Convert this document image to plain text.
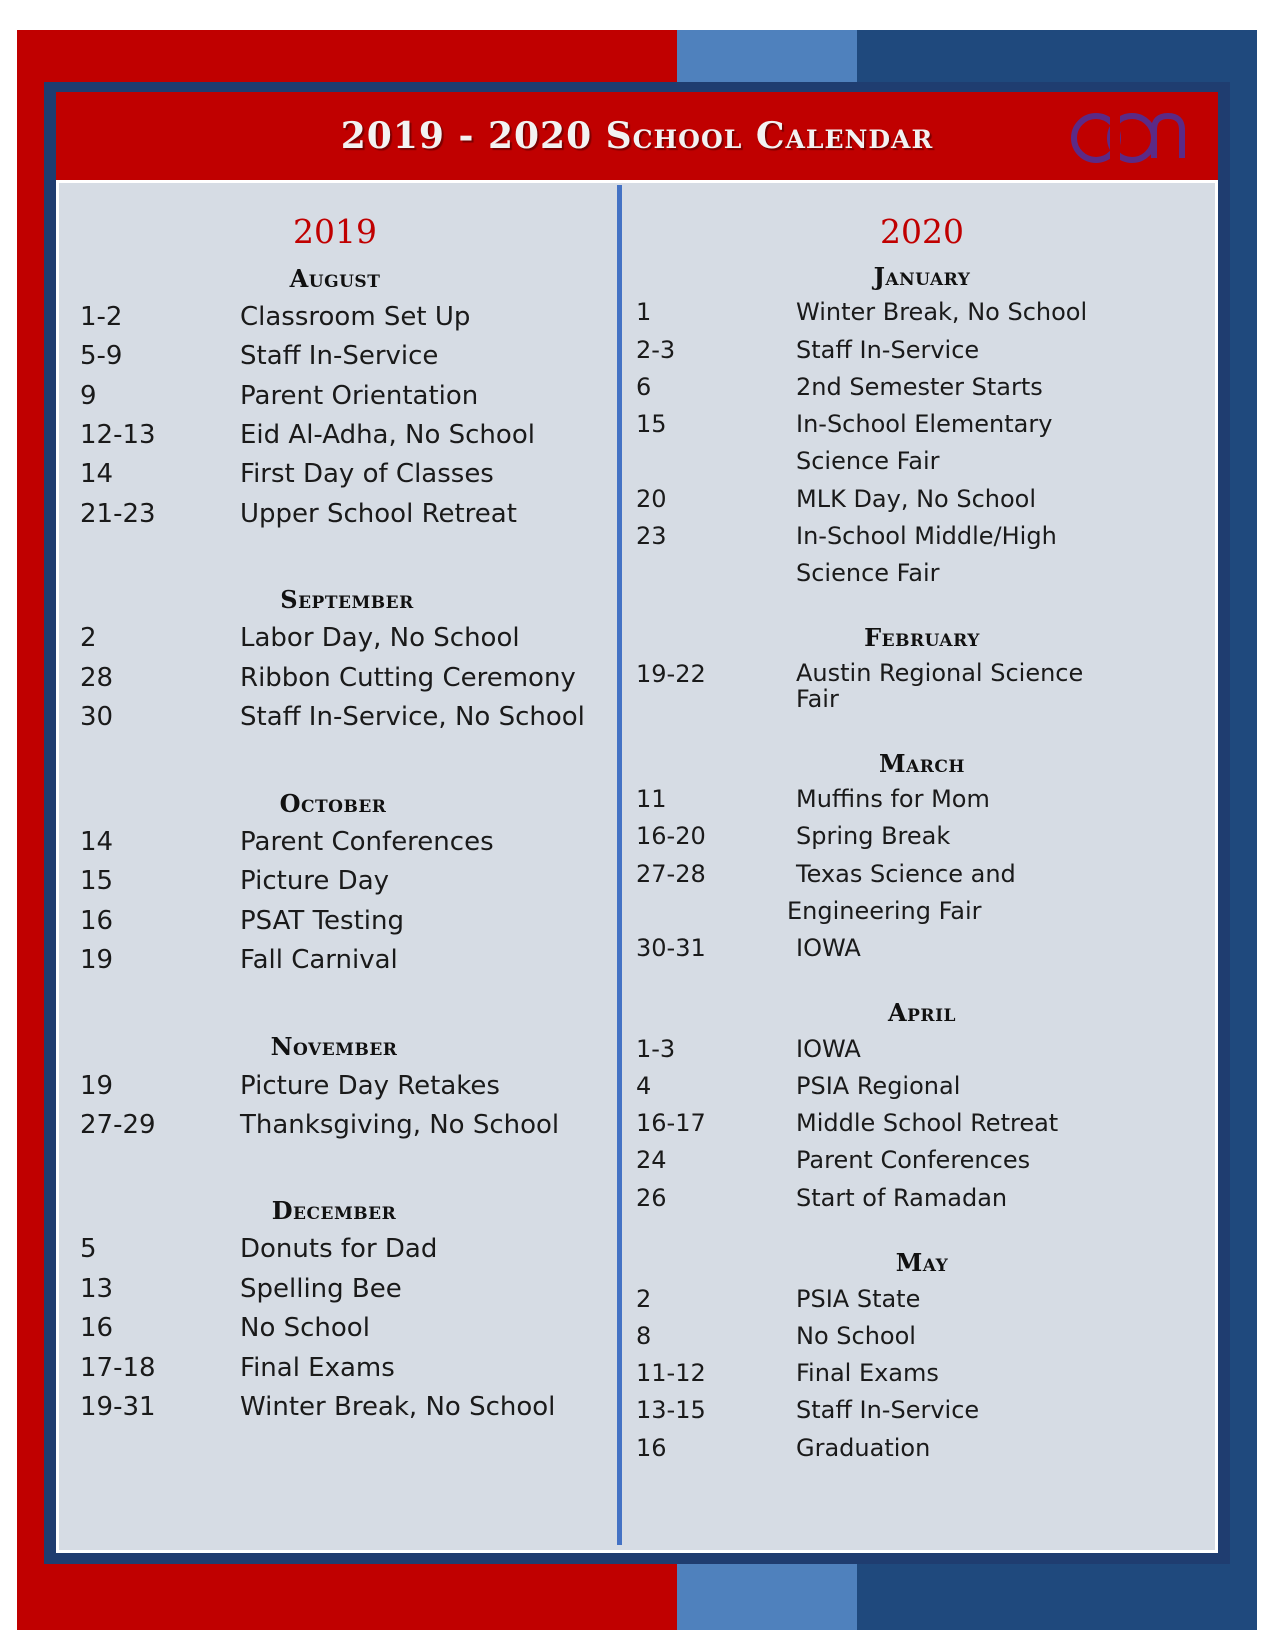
2019 - 2020 School Calendar
2019
August
1-2	Classroom Set Up
5-9	Staff In-Service
9	Parent Orientation
12-13	Eid Al-Adha, No School
14	First Day of Classes
21-23	Upper School Retreat
September
2	Labor Day, No School
28	Ribbon Cutting Ceremony
30	Staff In-Service, No School
October
14	Parent Conferences
15	Picture Day
16	PSAT Testing
19	Fall Carnival
November
19	Picture Day Retakes
27-29	Thanksgiving, No School
December
5	Donuts for Dad
13	Spelling Bee
16	No School
17-18	Final Exams
19-31	Winter Break, No School
2020
January
1	Winter Break, No School
2-3	Staff In-Service
6	2nd Semester Starts
15	In-School Elementary
Science Fair
20	MLK Day, No School
23	In-School Middle/High
Science Fair
February
19-22	Austin Regional Science Fair
March
11	Muffins for Mom
16-20	Spring Break
27-28	Texas Science and
Engineering Fair
30-31	IOWA
April
1-3	IOWA
4	PSIA Regional
16-17	Middle School Retreat
24	Parent Conferences
26	Start of Ramadan
May
2	PSIA State
8	No School
11-12	Final Exams
13-15	Staff In-Service
16	Graduation
